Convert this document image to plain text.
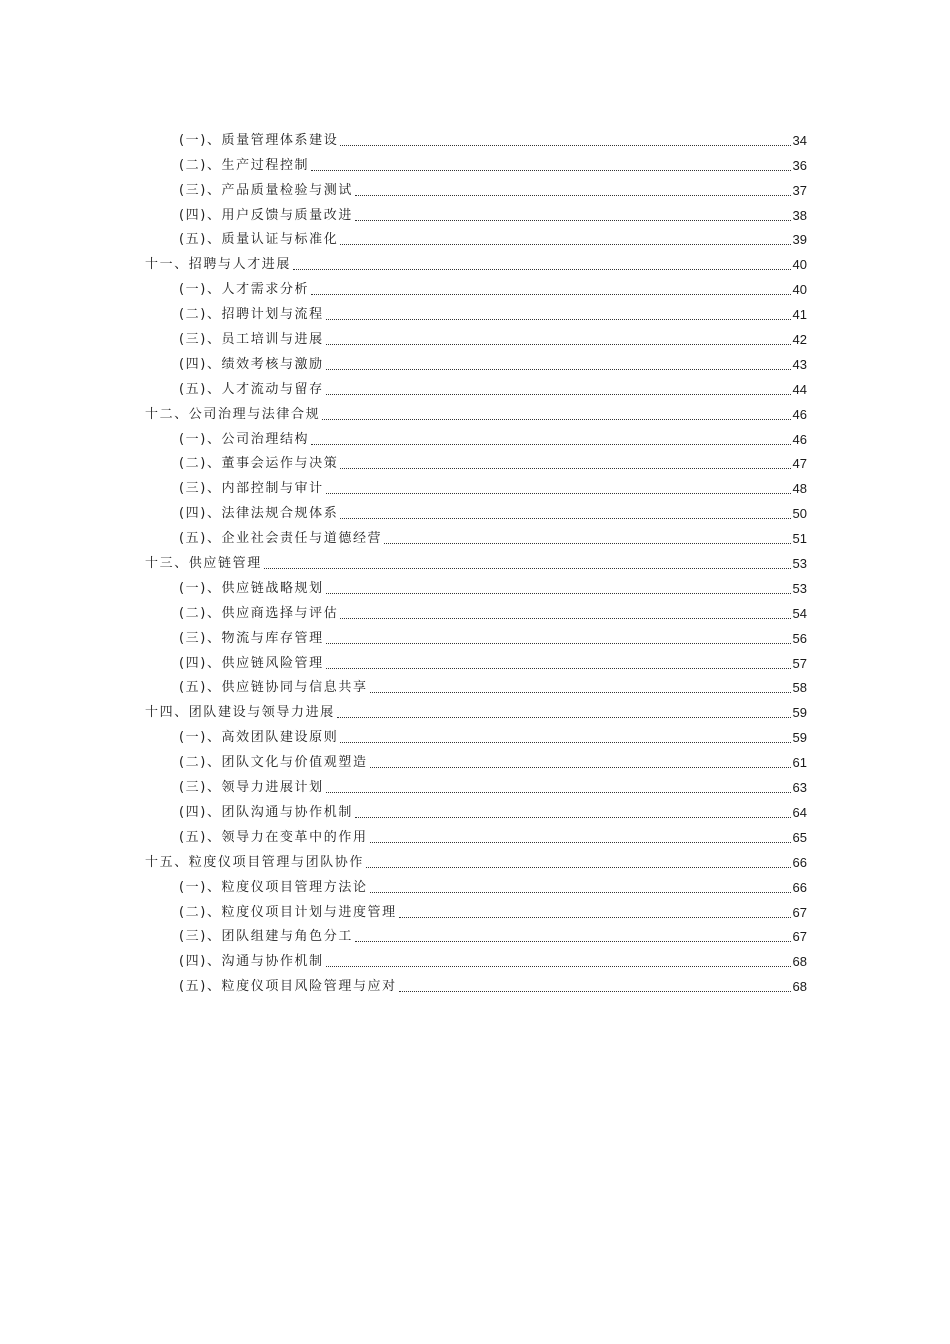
(一)、质量管理体系建设	34
(二)、生产过程控制	36
(三)、产品质量检验与测试	37
(四)、用户反馈与质量改进	38
(五)、质量认证与标准化	39
十一、招聘与人才进展	40
(一)、人才需求分析	40
(二)、招聘计划与流程	41
(三)、员工培训与进展	42
(四)、绩效考核与激励	43
(五)、人才流动与留存	44
十二、公司治理与法律合规	46
(一)、公司治理结构	46
(二)、董事会运作与决策	47
(三)、内部控制与审计	48
(四)、法律法规合规体系	50
(五)、企业社会责任与道德经营	51
十三、供应链管理	53
(一)、供应链战略规划	53
(二)、供应商选择与评估	54
(三)、物流与库存管理	56
(四)、供应链风险管理	57
(五)、供应链协同与信息共享	58
十四、团队建设与领导力进展	59
(一)、高效团队建设原则	59
(二)、团队文化与价值观塑造	61
(三)、领导力进展计划	63
(四)、团队沟通与协作机制	64
(五)、领导力在变革中的作用	65
十五、粒度仪项目管理与团队协作	66
(一)、粒度仪项目管理方法论	66
(二)、粒度仪项目计划与进度管理	67
(三)、团队组建与角色分工	67
(四)、沟通与协作机制	68
(五)、粒度仪项目风险管理与应对	68
